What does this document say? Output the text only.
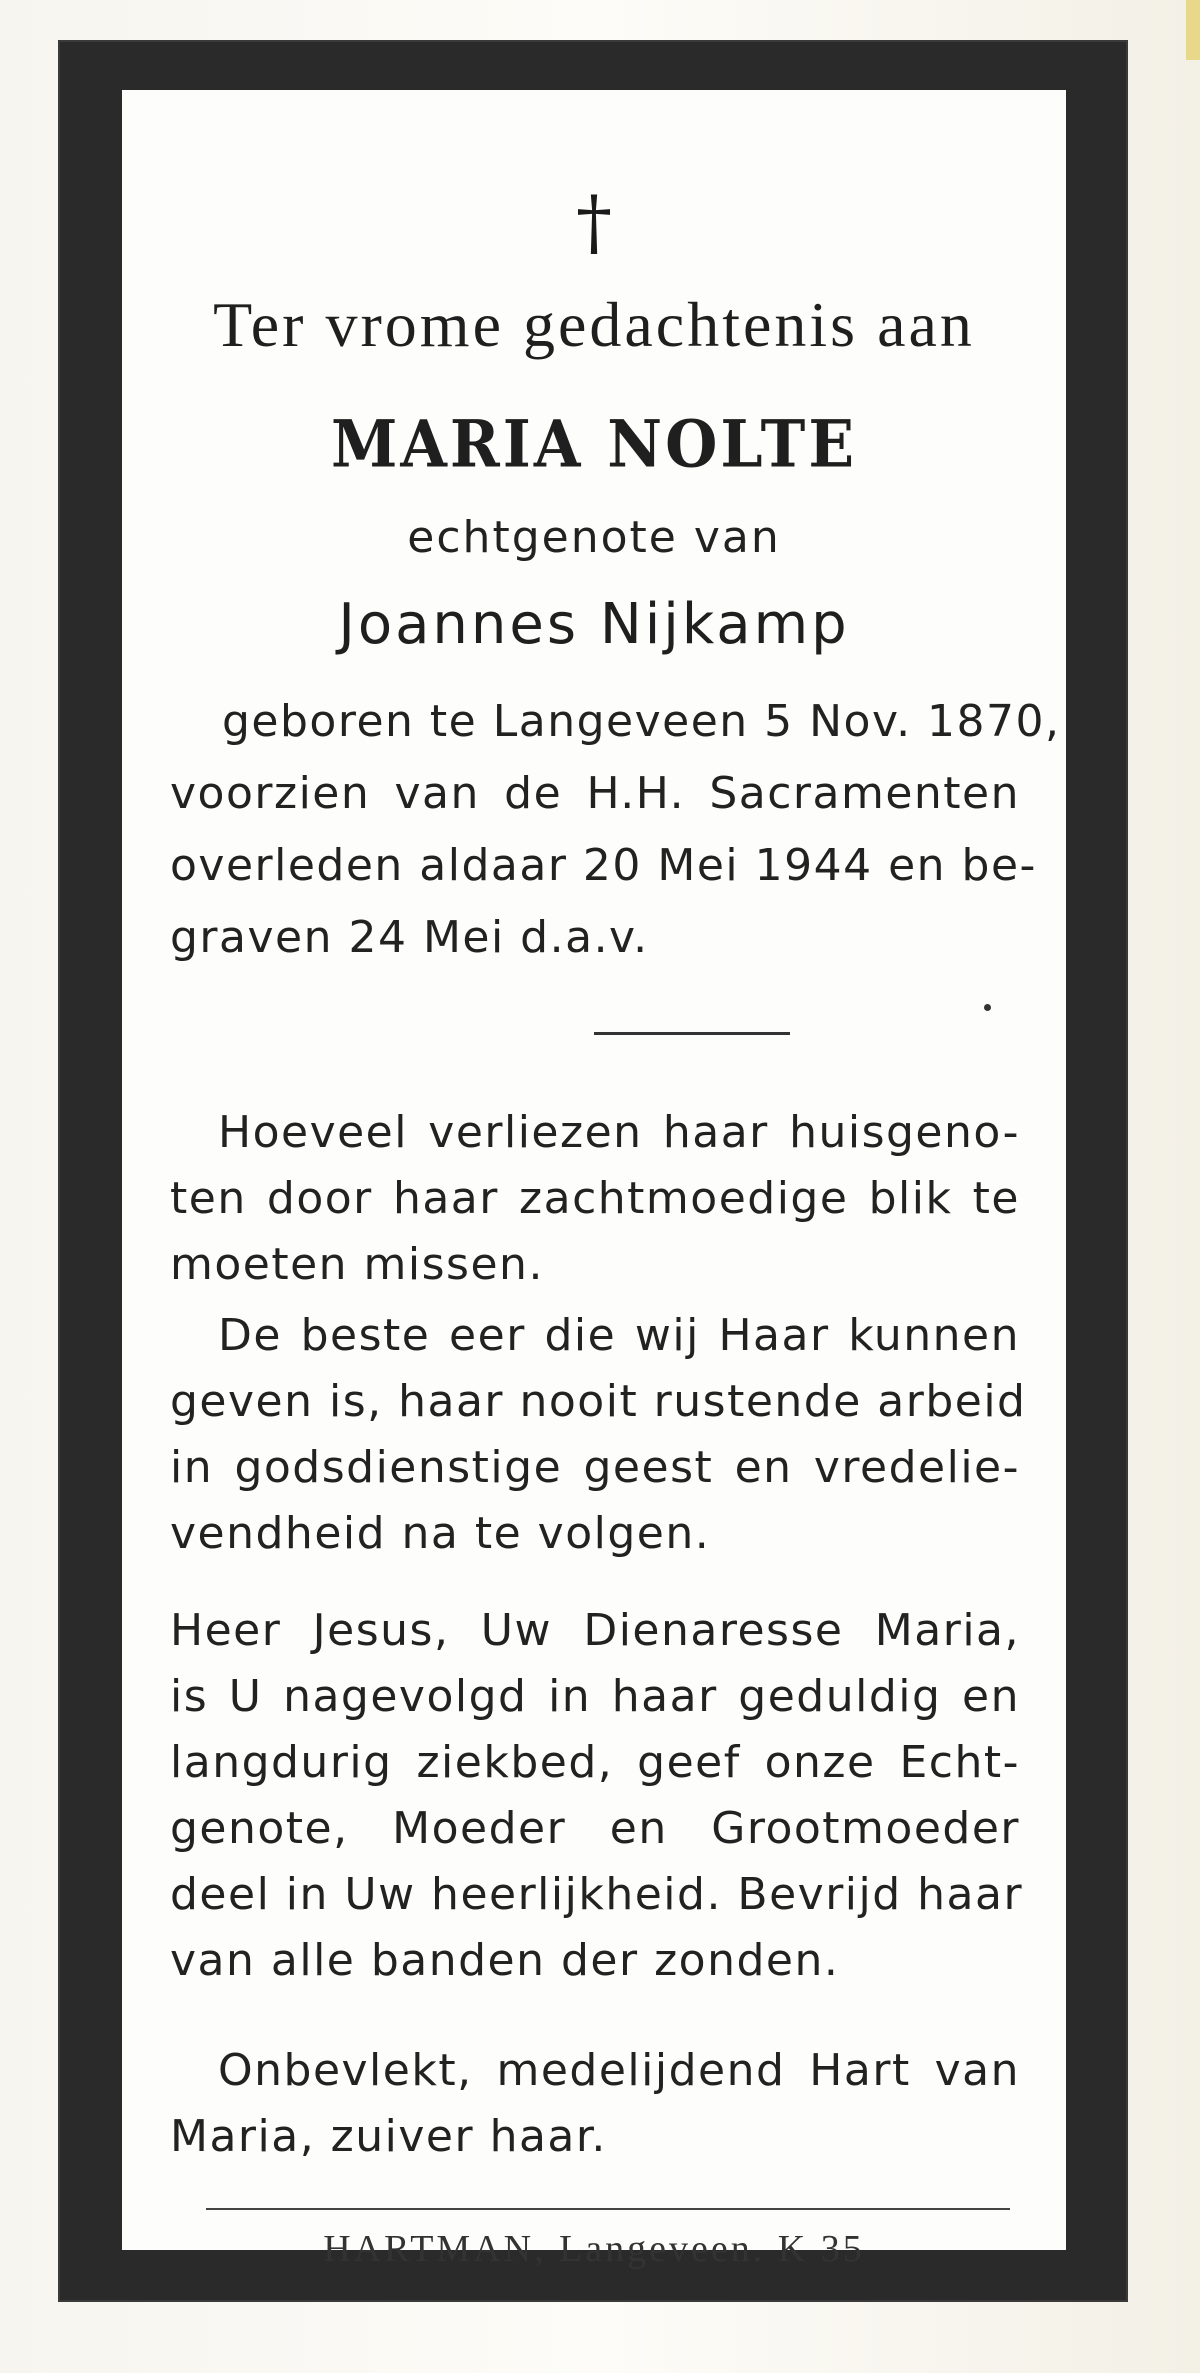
†
Ter vrome gedachtenis aan
MARIA NOLTE
echtgenote van
Joannes Nijkamp
geboren te Langeveen 5 Nov. 1870,
voorzien van de H.H. Sacramenten
overleden aldaar 20 Mei 1944 en be-
graven 24 Mei d.a.v.
Hoeveel verliezen haar huisgeno-
ten door haar zachtmoedige blik te
moeten missen.
De beste eer die wij Haar kunnen
geven is, haar nooit rustende arbeid
in godsdienstige geest en vredelie-
vendheid na te volgen.
Heer Jesus, Uw Dienaresse Maria,
is U nagevolgd in haar geduldig en
langdurig ziekbed, geef onze Echt-
genote, Moeder en Grootmoeder
deel in Uw heerlijkheid. Bevrijd haar
van alle banden der zonden.
Onbevlekt, medelijdend Hart van
Maria, zuiver haar.
HARTMAN, Langeveen. K 35
